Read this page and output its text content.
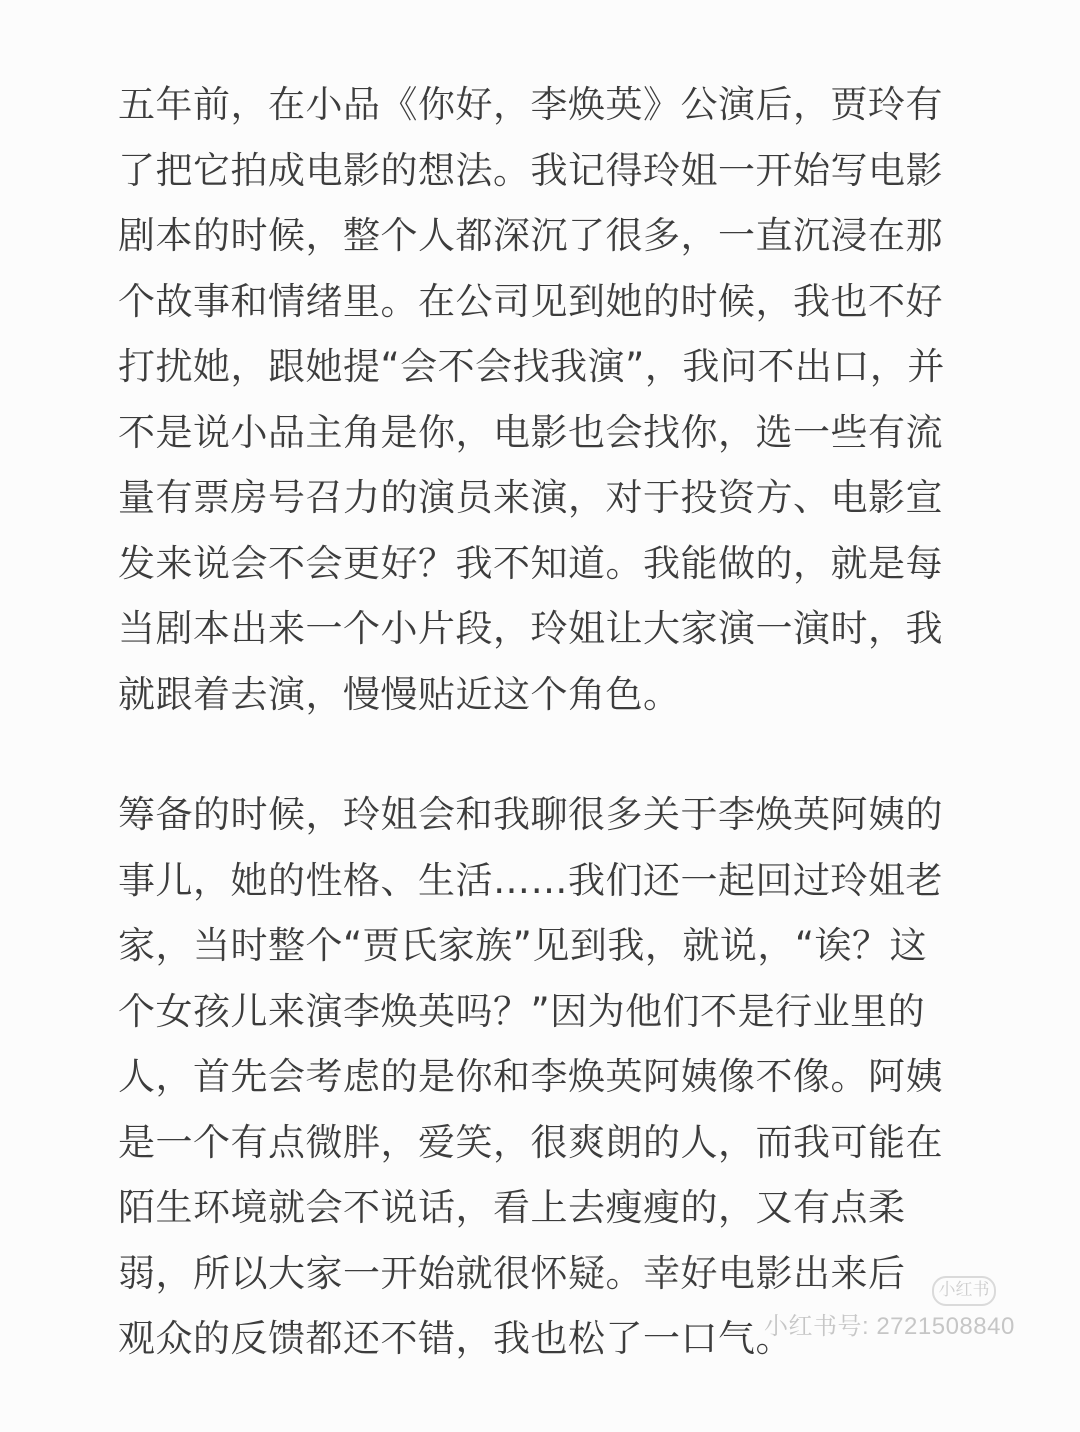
五年前，在小品《你好，李焕英》公演后，贾玲有
了把它拍成电影的想法。我记得玲姐一开始写电影
剧本的时候，整个人都深沉了很多，一直沉浸在那
个故事和情绪里。在公司见到她的时候，我也不好
打扰她，跟她提“会不会找我演”，我问不出口，并
不是说小品主角是你，电影也会找你，选一些有流
量有票房号召力的演员来演，对于投资方、电影宣
发来说会不会更好？我不知道。我能做的，就是每
当剧本出来一个小片段，玲姐让大家演一演时，我
就跟着去演，慢慢贴近这个角色。
筹备的时候，玲姐会和我聊很多关于李焕英阿姨的
事儿，她的性格、生活……我们还一起回过玲姐老
家，当时整个“贾氏家族”见到我，就说，“诶？这
个女孩儿来演李焕英吗？”因为他们不是行业里的
人，首先会考虑的是你和李焕英阿姨像不像。阿姨
是一个有点微胖，爱笑，很爽朗的人，而我可能在
陌生环境就会不说话，看上去瘦瘦的，又有点柔
弱，所以大家一开始就很怀疑。幸好电影出来后
观众的反馈都还不错，我也松了一口气。
小红书
小红书号: 2721508840
